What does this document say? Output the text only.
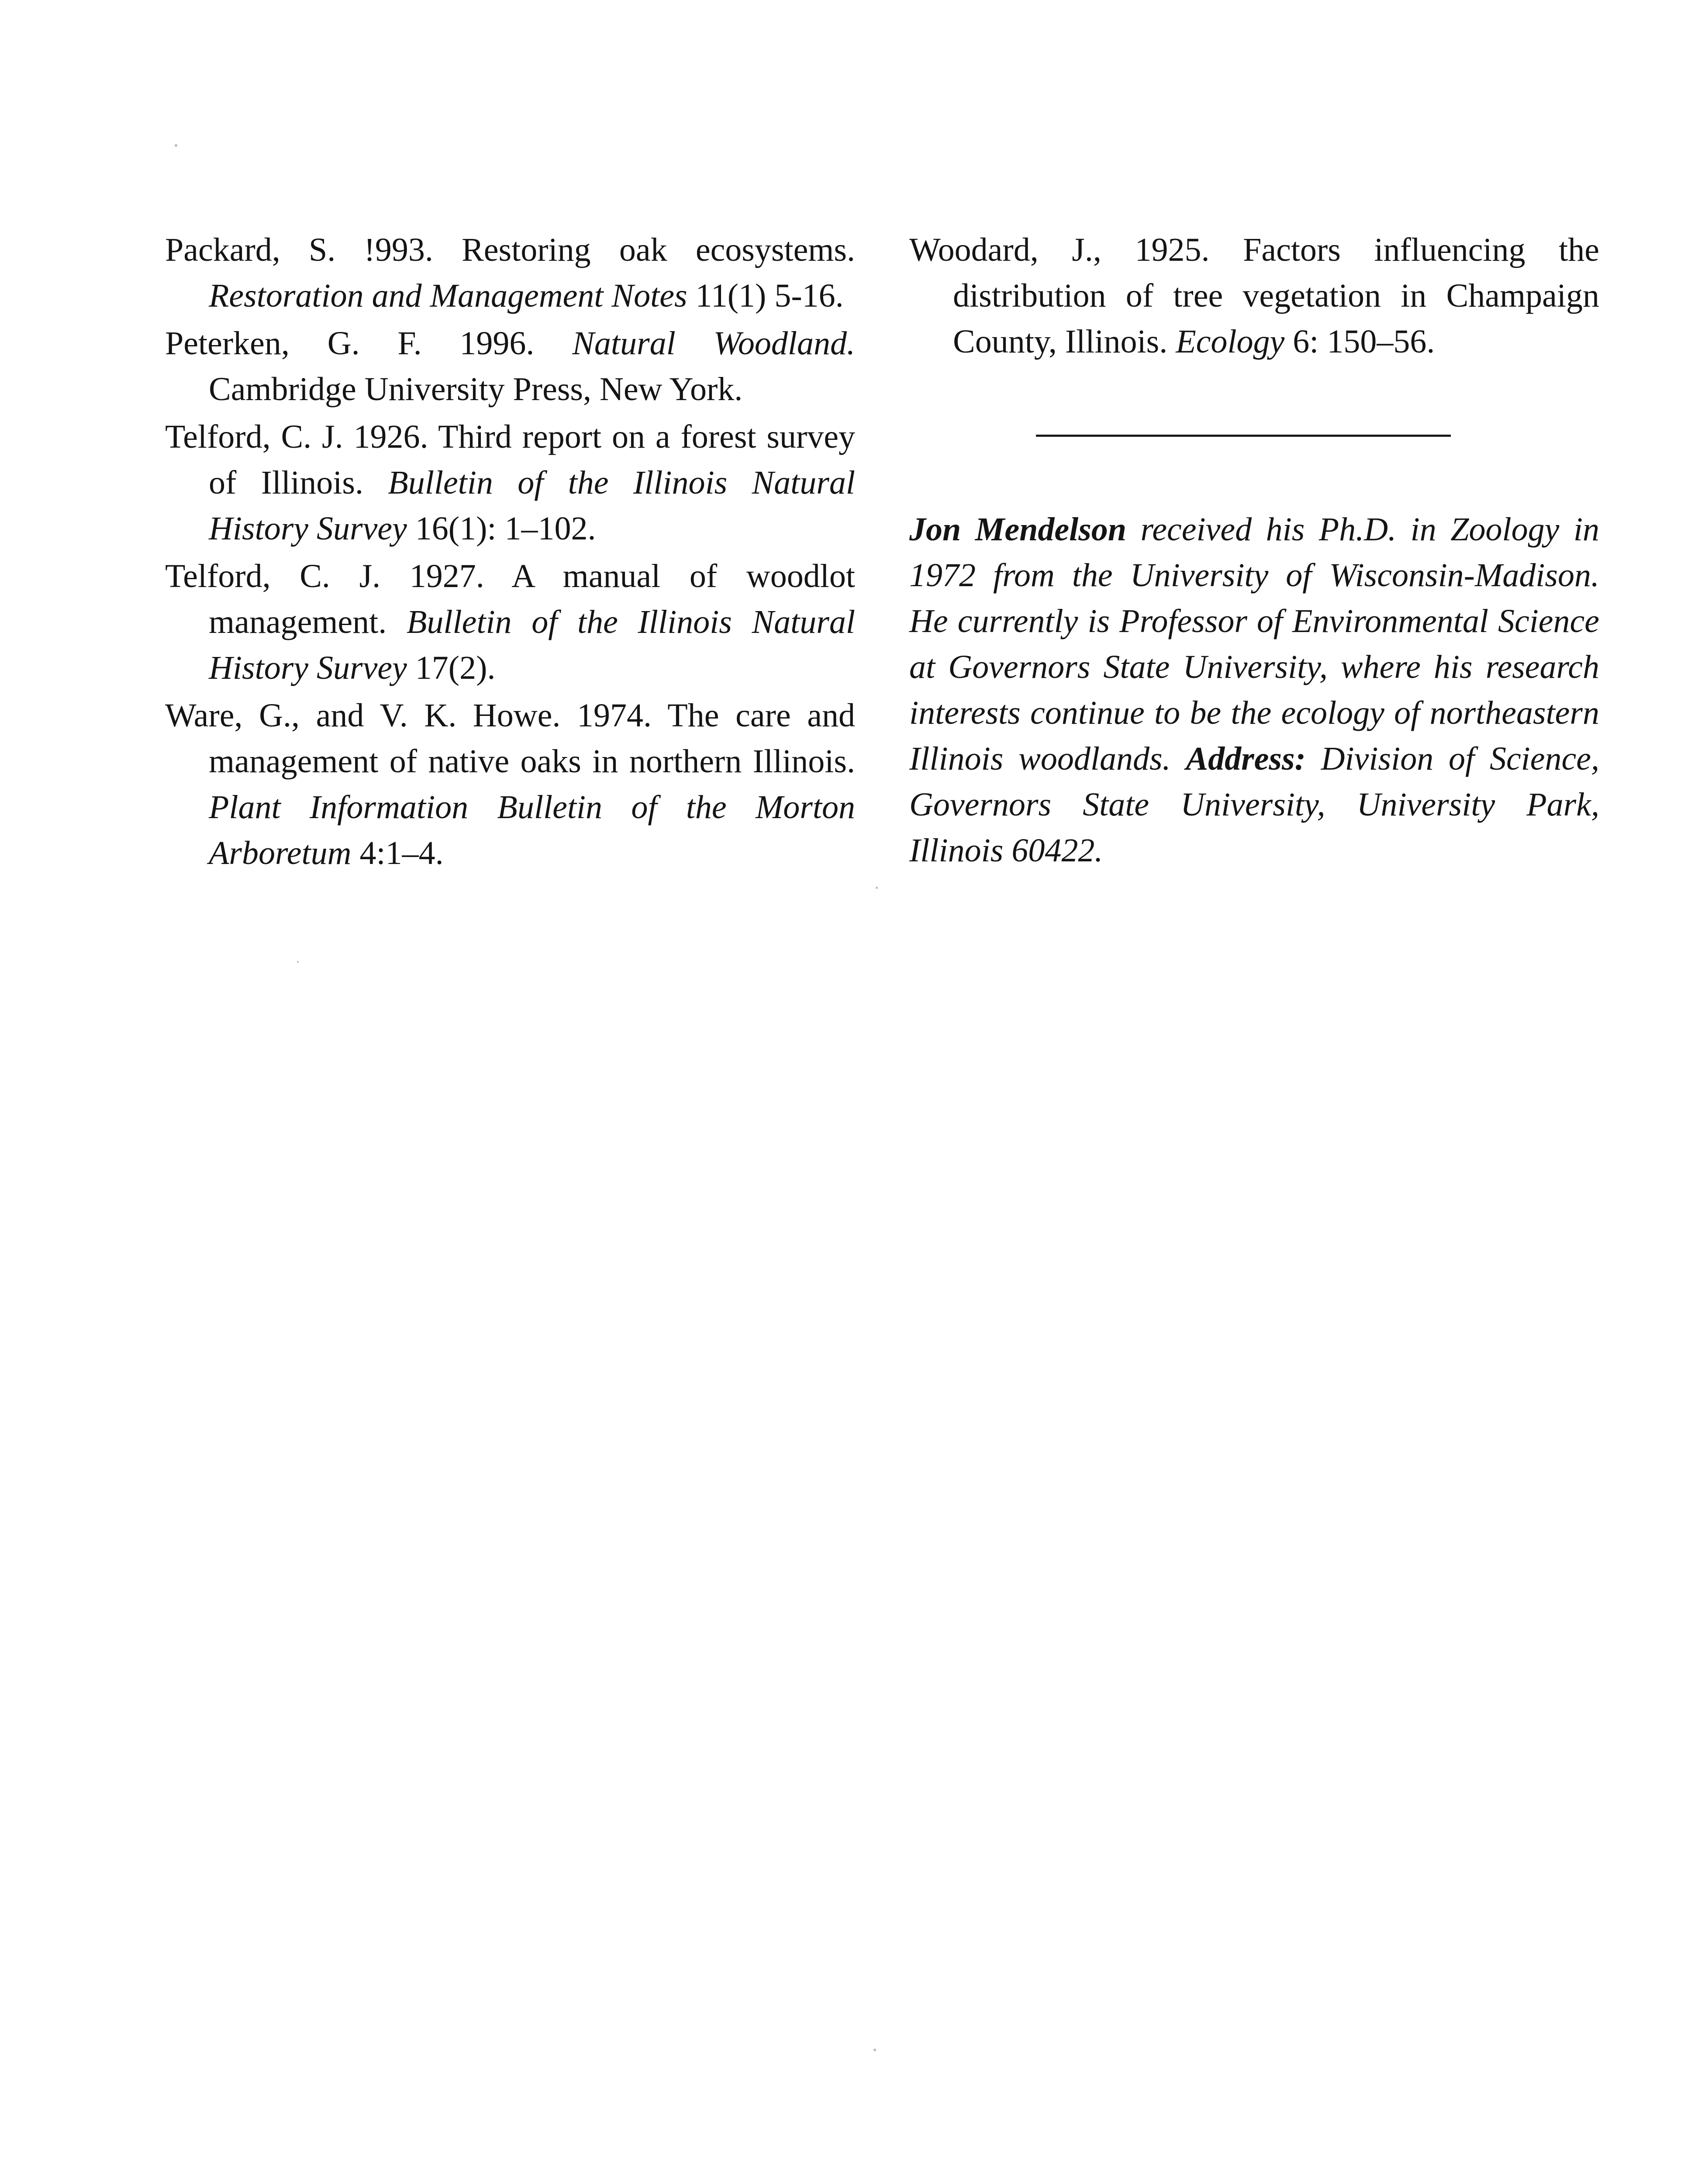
Packard, S. !993. Restoring oak ecosystems. Restoration and Management Notes 11(1) 5-16.
Peterken, G. F. 1996. Natural Woodland. Cambridge University Press, New York.
Telford, C. J. 1926. Third report on a forest survey of Illinois. Bulletin of the Illinois Natural History Survey 16(1): 1–102.
Telford, C. J. 1927. A manual of woodlot management. Bulletin of the Illinois Natural History Survey 17(2).
Ware, G., and V. K. Howe. 1974. The care and management of native oaks in northern Illinois. Plant Information Bulletin of the Morton Arboretum 4:1–4.
Woodard, J., 1925. Factors influencing the distribution of tree vegetation in Champaign County, Illinois. Ecology 6: 150–56.
Jon Mendelson received his Ph.D. in Zoology in 1972 from the University of Wisconsin-Madison. He currently is Professor of Environmental Science at Governors State University, where his research interests continue to be the ecology of northeastern Illinois woodlands. Address: Division of Science, Governors State University, University Park, Illinois 60422.
